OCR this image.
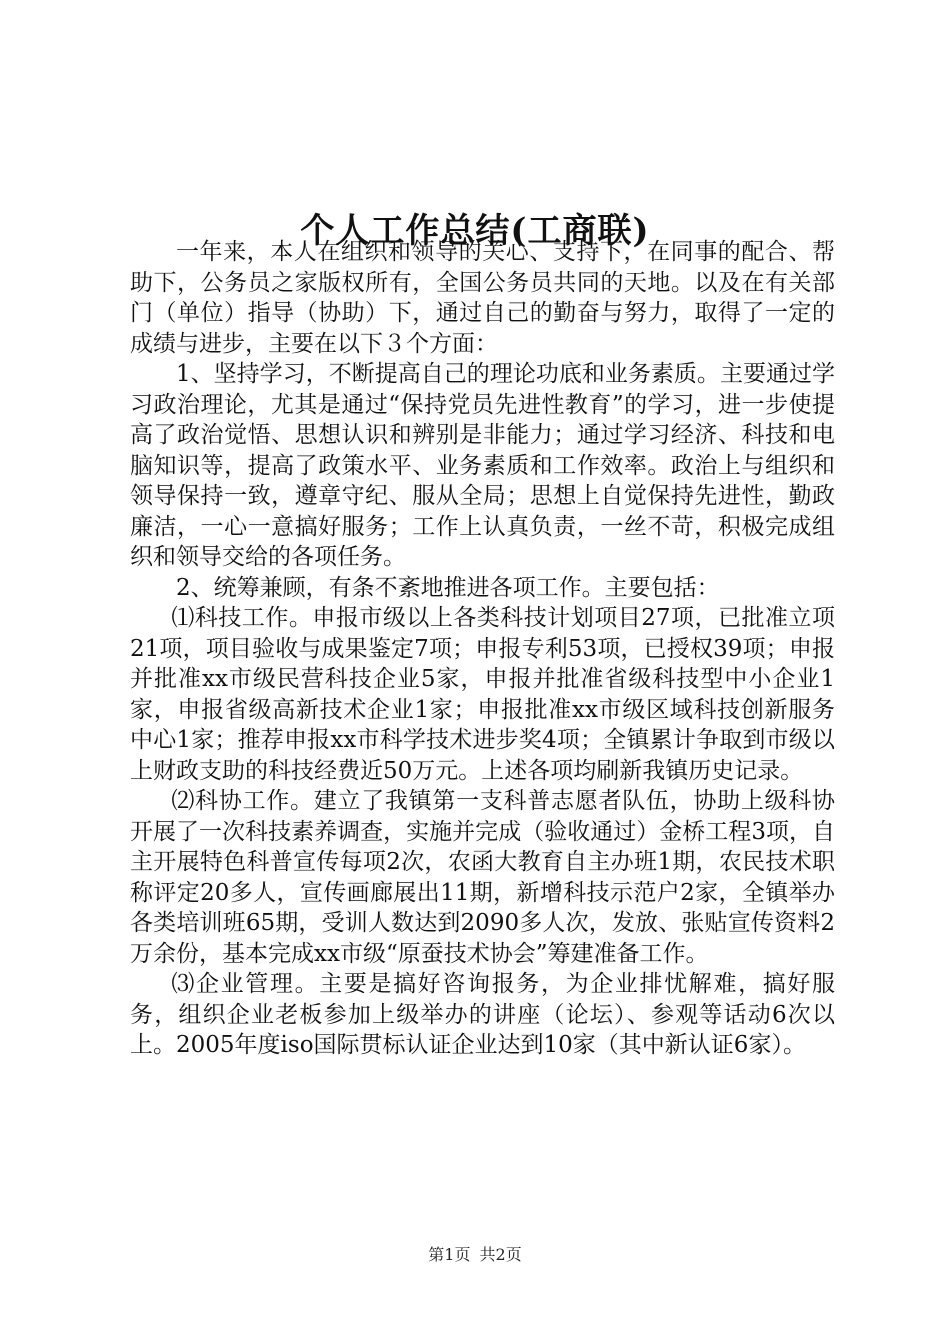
个人工作总结(工商联)

一年来，本人在组织和领导的关心、支持下，在同事的配合、帮助下，公务员之家版权所有，全国公务员共同的天地。以及在有关部门（单位）指导（协助）下，通过自己的勤奋与努力，取得了一定的成绩与进步，主要在以下３个方面：

1、坚持学习，不断提高自己的理论功底和业务素质。主要通过学习政治理论，尤其是通过“保持党员先进性教育”的学习，进一步使提高了政治觉悟、思想认识和辨别是非能力；通过学习经济、科技和电脑知识等，提高了政策水平、业务素质和工作效率。政治上与组织和领导保持一致，遵章守纪、服从全局；思想上自觉保持先进性，勤政廉洁，一心一意搞好服务；工作上认真负责，一丝不苛，积极完成组织和领导交给的各项任务。

2、统筹兼顾，有条不紊地推进各项工作。主要包括：

⑴科技工作。申报市级以上各类科技计划项目27项，已批准立项21项，项目验收与成果鉴定7项；申报专利53项，已授权39项；申报并批准xx市级民营科技企业5家，申报并批准省级科技型中小企业1家，申报省级高新技术企业1家；申报批准xx市级区域科技创新服务中心1家；推荐申报xx市科学技术进步奖4项；全镇累计争取到市级以上财政支助的科技经费近50万元。上述各项均刷新我镇历史记录。

⑵科协工作。建立了我镇第一支科普志愿者队伍，协助上级科协开展了一次科技素养调查，实施并完成（验收通过）金桥工程3项，自主开展特色科普宣传每项2次，农函大教育自主办班1期，农民技术职称评定20多人，宣传画廊展出11期，新增科技示范户2家，全镇举办各类培训班65期，受训人数达到2090多人次，发放、张贴宣传资料2万余份，基本完成xx市级“原蚕技术协会”筹建准备工作。

⑶企业管理。主要是搞好咨询报务，为企业排忧解难，搞好服务，组织企业老板参加上级举办的讲座（论坛）、参观等话动6次以上。2005年度iso国际贯标认证企业达到10家（其中新认证6家）。

第1页 共2页
